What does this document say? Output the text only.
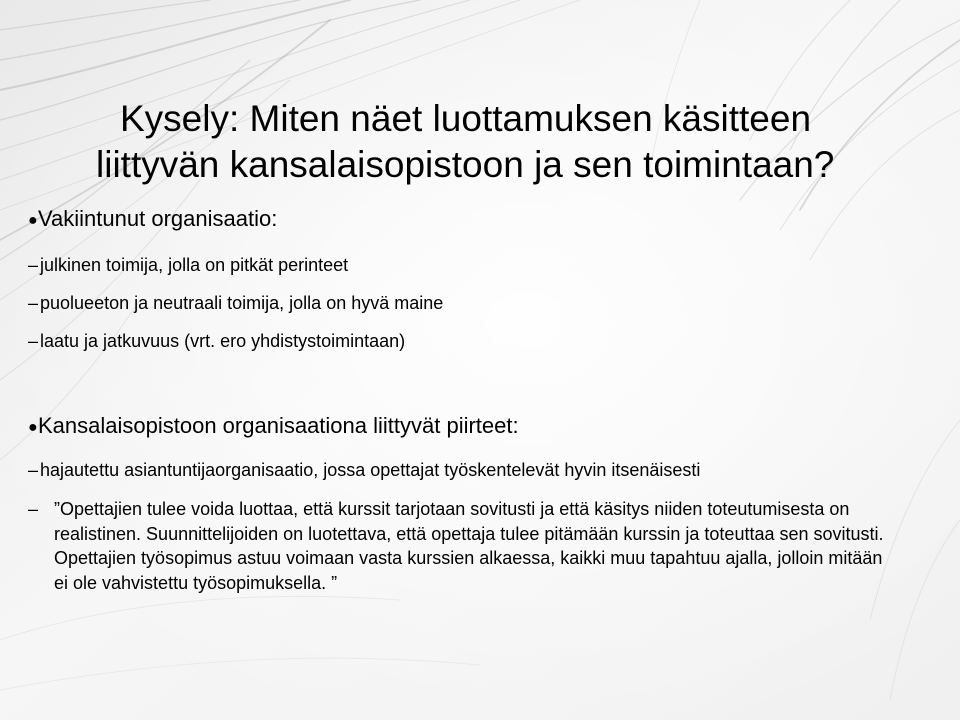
Kysely: Miten näet luottamuksen käsitteen
liittyvän kansalaisopistoon ja sen toimintaan?
●Vakiintunut organisaatio:
– julkinen toimija, jolla on pitkät perinteet
– puolueeton ja neutraali toimija, jolla on hyvä maine
– laatu ja jatkuvuus (vrt. ero yhdistystoimintaan)
●Kansalaisopistoon organisaationa liittyvät piirteet:
– hajautettu asiantuntijaorganisaatio, jossa opettajat työskentelevät hyvin itsenäisesti
– ”Opettajien tulee voida luottaa, että kurssit tarjotaan sovitusti ja että käsitys niiden toteutumisesta on realistinen. Suunnittelijoiden on luotettava, että opettaja tulee pitämään kurssin ja toteuttaa sen sovitusti. Opettajien työsopimus astuu voimaan vasta kurssien alkaessa, kaikki muu tapahtuu ajalla, jolloin mitään ei ole vahvistettu työsopimuksella. ”
